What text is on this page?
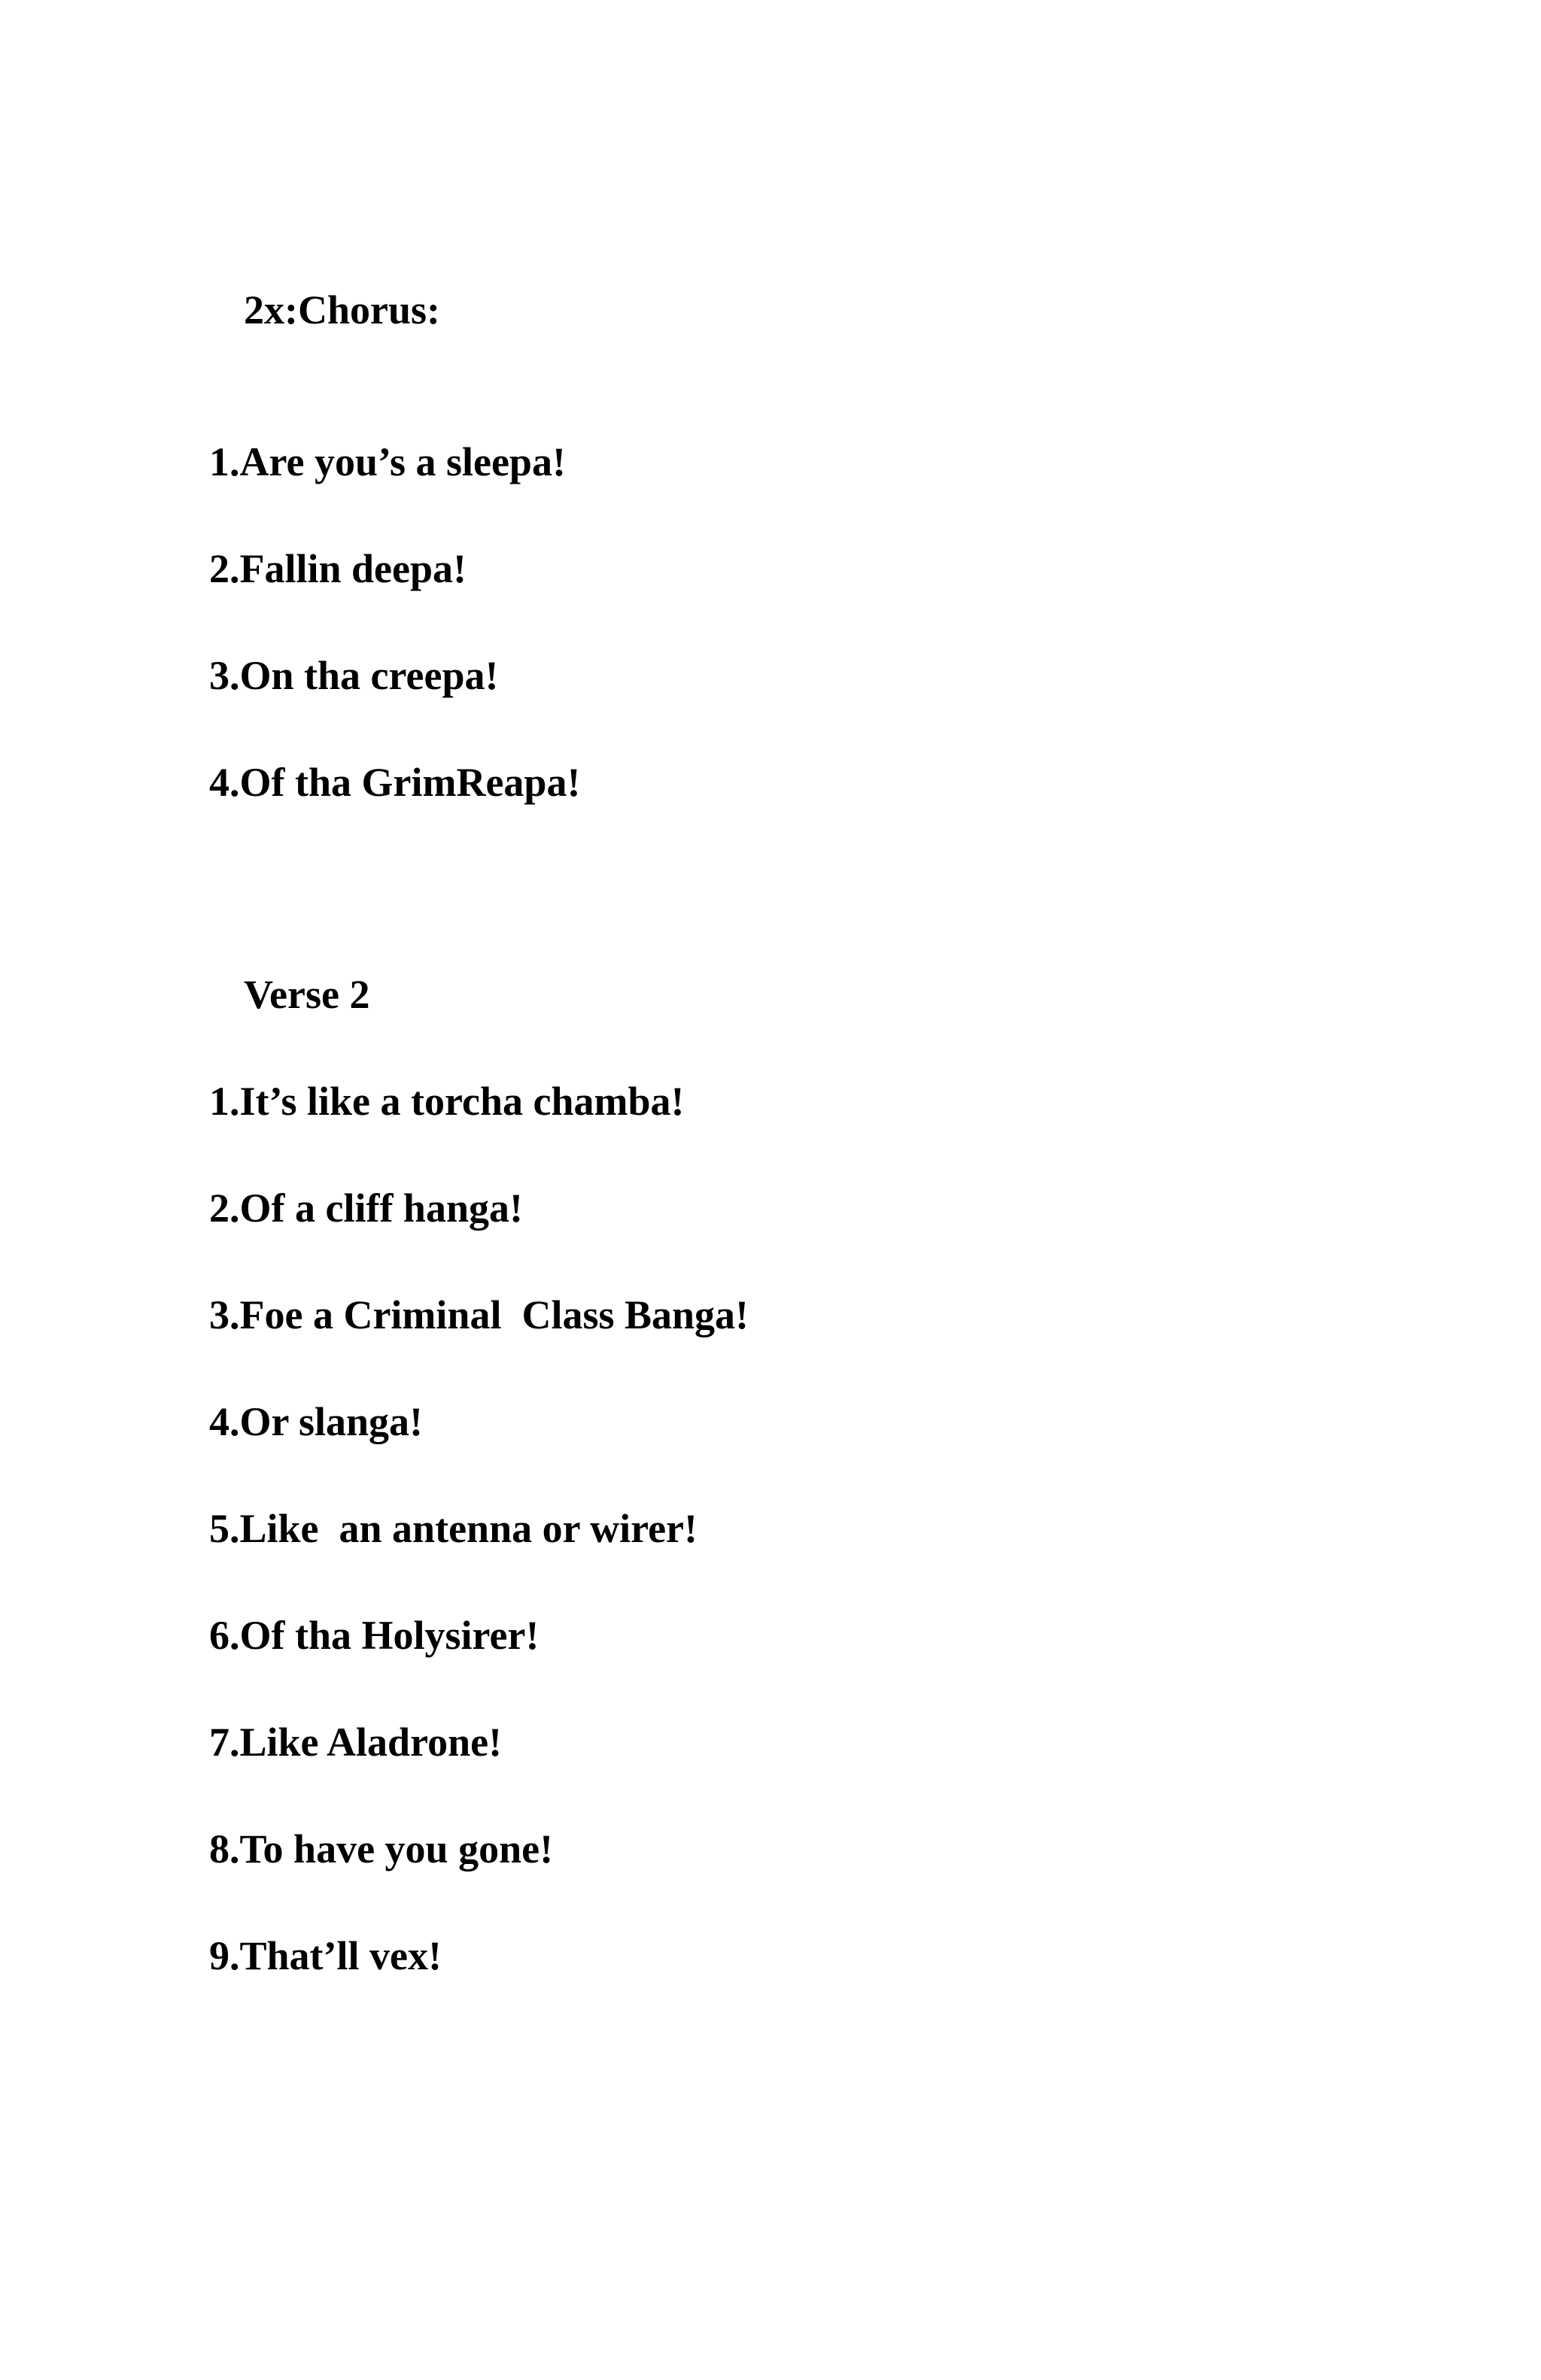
2x:Chorus:
1.Are you’s a sleepa!
2.Fallin deepa!
3.On tha creepa!
4.Of tha GrimReapa!
Verse 2
1.It’s like a torcha chamba!
2.Of a cliff hanga!
3.Foe a Criminal  Class Banga!
4.Or slanga!
5.Like  an antenna or wirer!
6.Of tha Holysirer!
7.Like Aladrone!
8.To have you gone!
9.That’ll vex!
